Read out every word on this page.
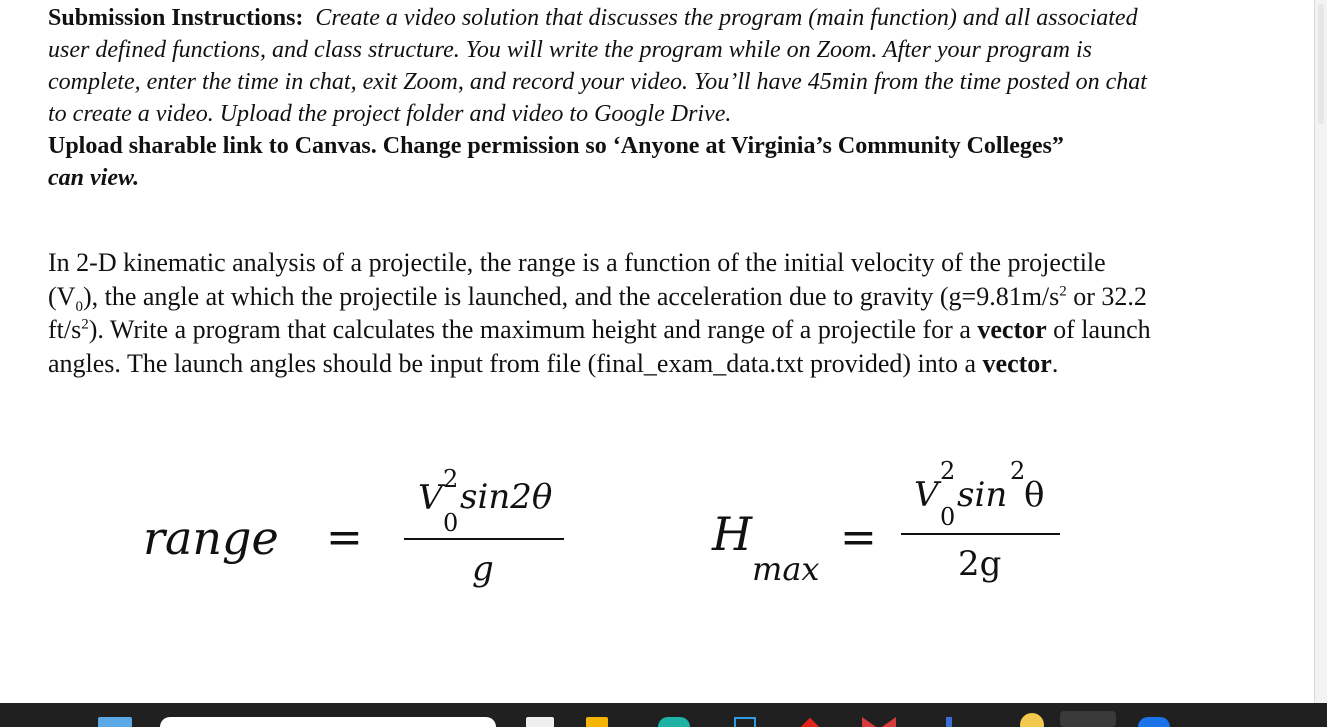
Submission Instructions: Create a video solution that discusses the program (main function) and all associated user defined functions, and class structure. You will write the program while on Zoom. After your program is complete, enter the time in chat, exit Zoom, and record your video. You’ll have 45min from the time posted on chat to create a video. Upload the project folder and video to Google Drive.
Upload sharable link to Canvas. Change permission so ‘Anyone at Virginia’s Community Colleges”
can view.
In 2-D kinematic analysis of a projectile, the range is a function of the initial velocity of the projectile $(V_0)$, the angle at which the projectile is launched, and the acceleration due to gravity ($g=9.81m/s^2$ or 32.2 $ft/s^2$). Write a program that calculates the maximum height and range of a projectile for a vector of launch angles. The launch angles should be input from file (final_exam_data.txt provided) into a vector.
range =
V 2
0
sin2θ
g
H
max
=
V
2
0
sin
2
θ
2g
